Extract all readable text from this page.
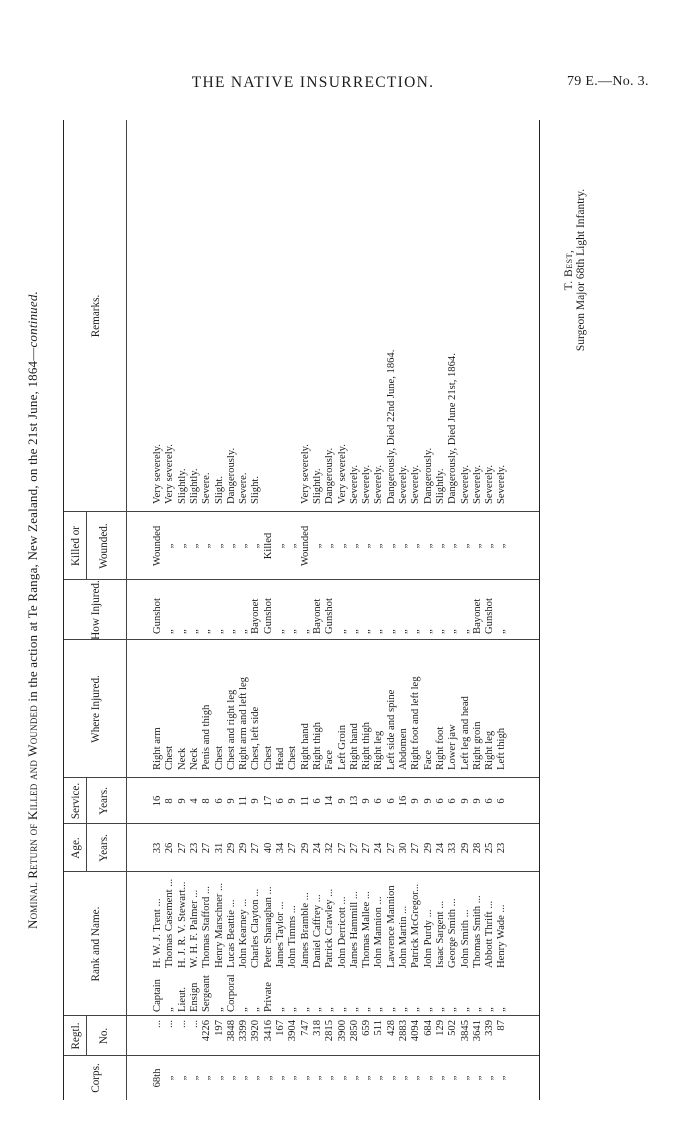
THE NATIVE INSURRECTION.	79 E.—No. 3.
Nominal Return of Killed and Wounded in the action at Te Ranga, New Zealand, on the 21st June, 1864—continued.
Corps.
Regtl. No.
Rank and Name.
Age. Years.
Service. Years.
Where Injured.
How Injured.
Killed or Wounded.
Remarks.
68th
...
Captain
H. W. J. Trent ...
33
16
Right arm
Gunshot
Wounded
Very severely.
„
...
„
Thomas Casement ...
26
8
Chest
„
„
Very severely.
„
...
Lieut.
H. J. R. V. Stewart...
27
9
Neck
„
„
Slightly.
„
...
Ensign
W. H. F. Palmer ...
23
4
Neck
„
„
Slightly.
„
4226
Sergeant
Thomas Stafford ...
27
8
Penis and thigh
„
„
Severe.
„
197
„
Henry Marschner ...
31
6
Chest
„
„
Slight.
„
3848
Corporal
Lucas Beattie ...
29
9
Chest and right leg
„
„
Dangerously.
„
3399
„
John Kearney ...
29
11
Right arm and left leg
„
„
Severe.
„
3920
„
Charles Clayton ...
27
9
Chest, left side
Bayonet
„
Slight.
„
3416
Private
Peter Shanaghan ...
40
17
Chest
Gunshot
Killed
„
167
„
James Taylor ...
34
6
Head
„
„
„
3904
„
John Timms ...
27
9
Chest
„
„
„
747
„
James Bramble ...
29
11
Right hand
„
Wounded
Very severely.
„
318
„
Daniel Caffrey ...
24
6
Right thigh
Bayonet
„
Slightly.
„
2815
„
Patrick Crawley ...
32
14
Face
Gunshot
„
Dangerously.
„
3900
„
John Derricott ...
27
9
Left Groin
„
„
Very severely.
„
2850
„
James Hammill ...
27
13
Right hand
„
„
Severely.
„
659
„
Thomas Mallee ...
27
9
Right thigh
„
„
Severely.
„
511
„
John Mannion ...
24
6
Right leg
„
„
Severely.
„
428
„
Lawrence Mannion
27
6
Left side and spine
„
„
Dangerously, Died 22nd June, 1864.
„
2883
„
John Martin ...
30
16
Abdomen
„
„
Severely.
„
4094
„
Patrick McGregor...
27
9
Right foot and left leg
„
„
Severely.
„
684
„
John Purdy ...
29
9
Face
„
„
Dangerously.
„
129
„
Isaac Sargent ...
24
6
Right foot
„
„
Slightly.
„
502
„
George Smith ...
33
6
Lower jaw
„
„
Dangerously, Died June 21st, 1864.
„
3845
„
John Smith ...
29
9
Left leg and head
„
„
Severely.
„
3641
„
Thomas Smith ...
28
9
Right groin
Bayonet
„
Severely.
„
339
„
Abbott Thrift ...
25
6
Right leg
Gunshot
„
Severely.
„
87
„
Henry Wade ...
23
6
Left thigh
„
„
Severely.
T. Best, Surgeon Major 68th Light Infantry.
